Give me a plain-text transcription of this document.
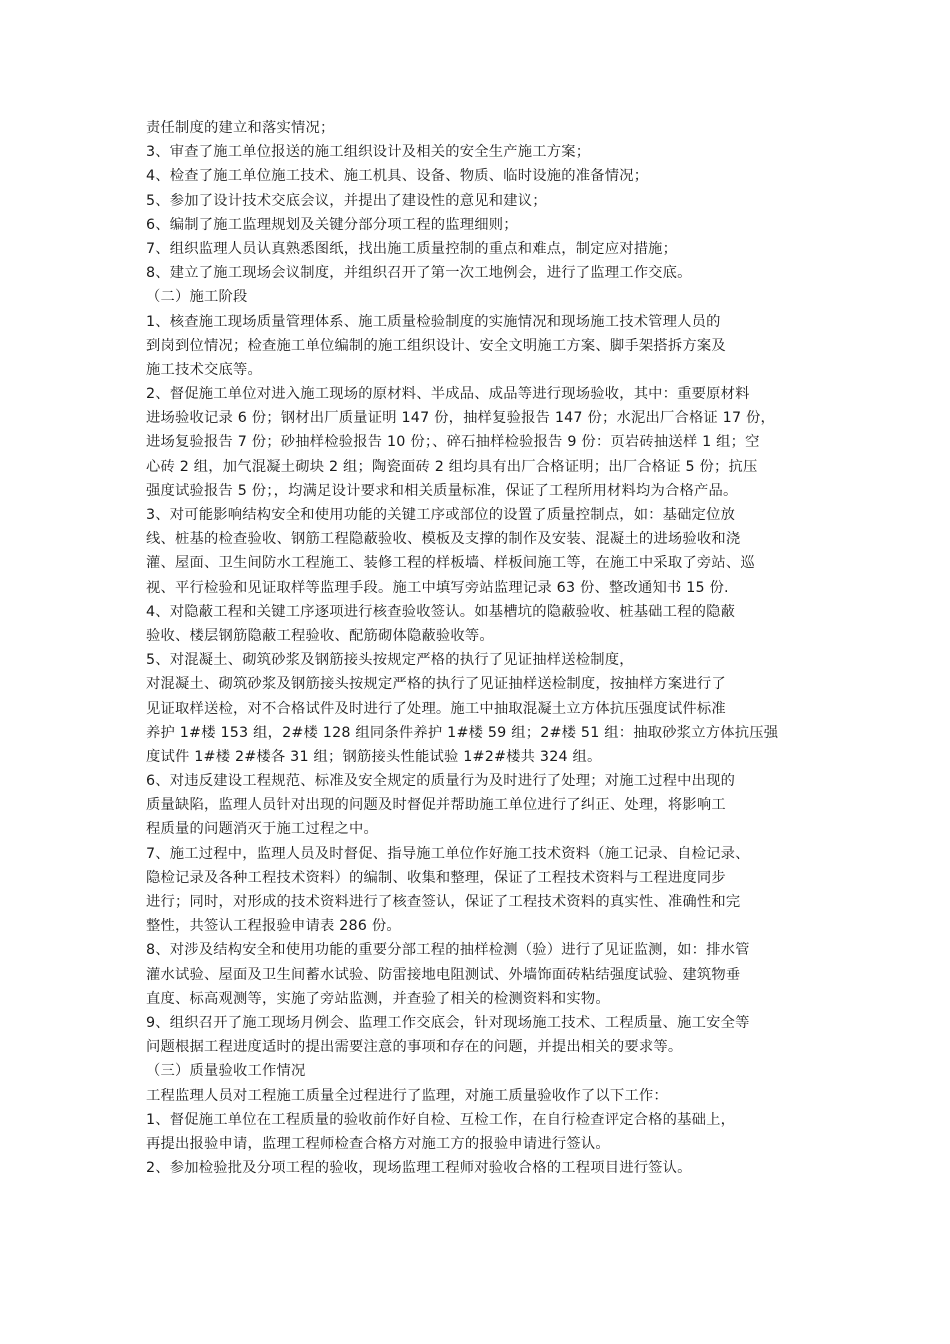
责任制度的建立和落实情况；
3、审查了施工单位报送的施工组织设计及相关的安全生产施工方案；
4、检查了施工单位施工技术、施工机具、设备、物质、临时设施的准备情况；
5、参加了设计技术交底会议，并提出了建设性的意见和建议；
6、编制了施工监理规划及关键分部分项工程的监理细则；
7、组织监理人员认真熟悉图纸，找出施工质量控制的重点和难点，制定应对措施；
8、建立了施工现场会议制度，并组织召开了第一次工地例会，进行了监理工作交底。
（二）施工阶段
1、核查施工现场质量管理体系、施工质量检验制度的实施情况和现场施工技术管理人员的
到岗到位情况；检查施工单位编制的施工组织设计、安全文明施工方案、脚手架搭拆方案及
施工技术交底等。
2、督促施工单位对进入施工现场的原材料、半成品、成品等进行现场验收，其中：重要原材料
进场验收记录 6 份；钢材出厂质量证明 147 份，抽样复验报告 147 份；水泥出厂合格证 17 份，
进场复验报告 7 份；砂抽样检验报告 10 份；、碎石抽样检验报告 9 份：页岩砖抽送样 1 组；空
心砖 2 组，加气混凝土砌块 2 组；陶瓷面砖 2 组均具有出厂合格证明；出厂合格证 5 份；抗压
强度试验报告 5 份；，均满足设计要求和相关质量标准，保证了工程所用材料均为合格产品。
3、对可能影响结构安全和使用功能的关键工序或部位的设置了质量控制点，如：基础定位放
线、桩基的检查验收、钢筋工程隐蔽验收、模板及支撑的制作及安装、混凝土的进场验收和浇
灌、屋面、卫生间防水工程施工、装修工程的样板墙、样板间施工等，在施工中采取了旁站、巡
视、平行检验和见证取样等监理手段。施工中填写旁站监理记录 63 份、整改通知书 15 份.
4、对隐蔽工程和关键工序逐项进行核查验收签认。如基槽坑的隐蔽验收、桩基础工程的隐蔽
验收、楼层钢筋隐蔽工程验收、配筋砌体隐蔽验收等。
5、对混凝土、砌筑砂浆及钢筋接头按规定严格的执行了见证抽样送检制度，
对混凝土、砌筑砂浆及钢筋接头按规定严格的执行了见证抽样送检制度，按抽样方案进行了
见证取样送检，对不合格试件及时进行了处理。施工中抽取混凝土立方体抗压强度试件标准
养护 1#楼 153 组，2#楼 128 组同条件养护 1#楼 59 组；2#楼 51 组：抽取砂浆立方体抗压强
度试件 1#楼 2#楼各 31 组；钢筋接头性能试验 1#2#楼共 324 组。
6、对违反建设工程规范、标准及安全规定的质量行为及时进行了处理；对施工过程中出现的
质量缺陷，监理人员针对出现的问题及时督促并帮助施工单位进行了纠正、处理，将影响工
程质量的问题消灭于施工过程之中。
7、施工过程中，监理人员及时督促、指导施工单位作好施工技术资料（施工记录、自检记录、
隐检记录及各种工程技术资料）的编制、收集和整理，保证了工程技术资料与工程进度同步
进行；同时，对形成的技术资料进行了核查签认，保证了工程技术资料的真实性、准确性和完
整性，共签认工程报验申请表 286 份。
8、对涉及结构安全和使用功能的重要分部工程的抽样检测（验）进行了见证监测，如：排水管
灌水试验、屋面及卫生间蓄水试验、防雷接地电阻测试、外墙饰面砖粘结强度试验、建筑物垂
直度、标高观测等，实施了旁站监测，并查验了相关的检测资料和实物。
9、组织召开了施工现场月例会、监理工作交底会，针对现场施工技术、工程质量、施工安全等
问题根据工程进度适时的提出需要注意的事项和存在的问题，并提出相关的要求等。
（三）质量验收工作情况
工程监理人员对工程施工质量全过程进行了监理，对施工质量验收作了以下工作：
1、督促施工单位在工程质量的验收前作好自检、互检工作，在自行检查评定合格的基础上，
再提出报验申请，监理工程师检查合格方对施工方的报验申请进行签认。
2、参加检验批及分项工程的验收，现场监理工程师对验收合格的工程项目进行签认。
